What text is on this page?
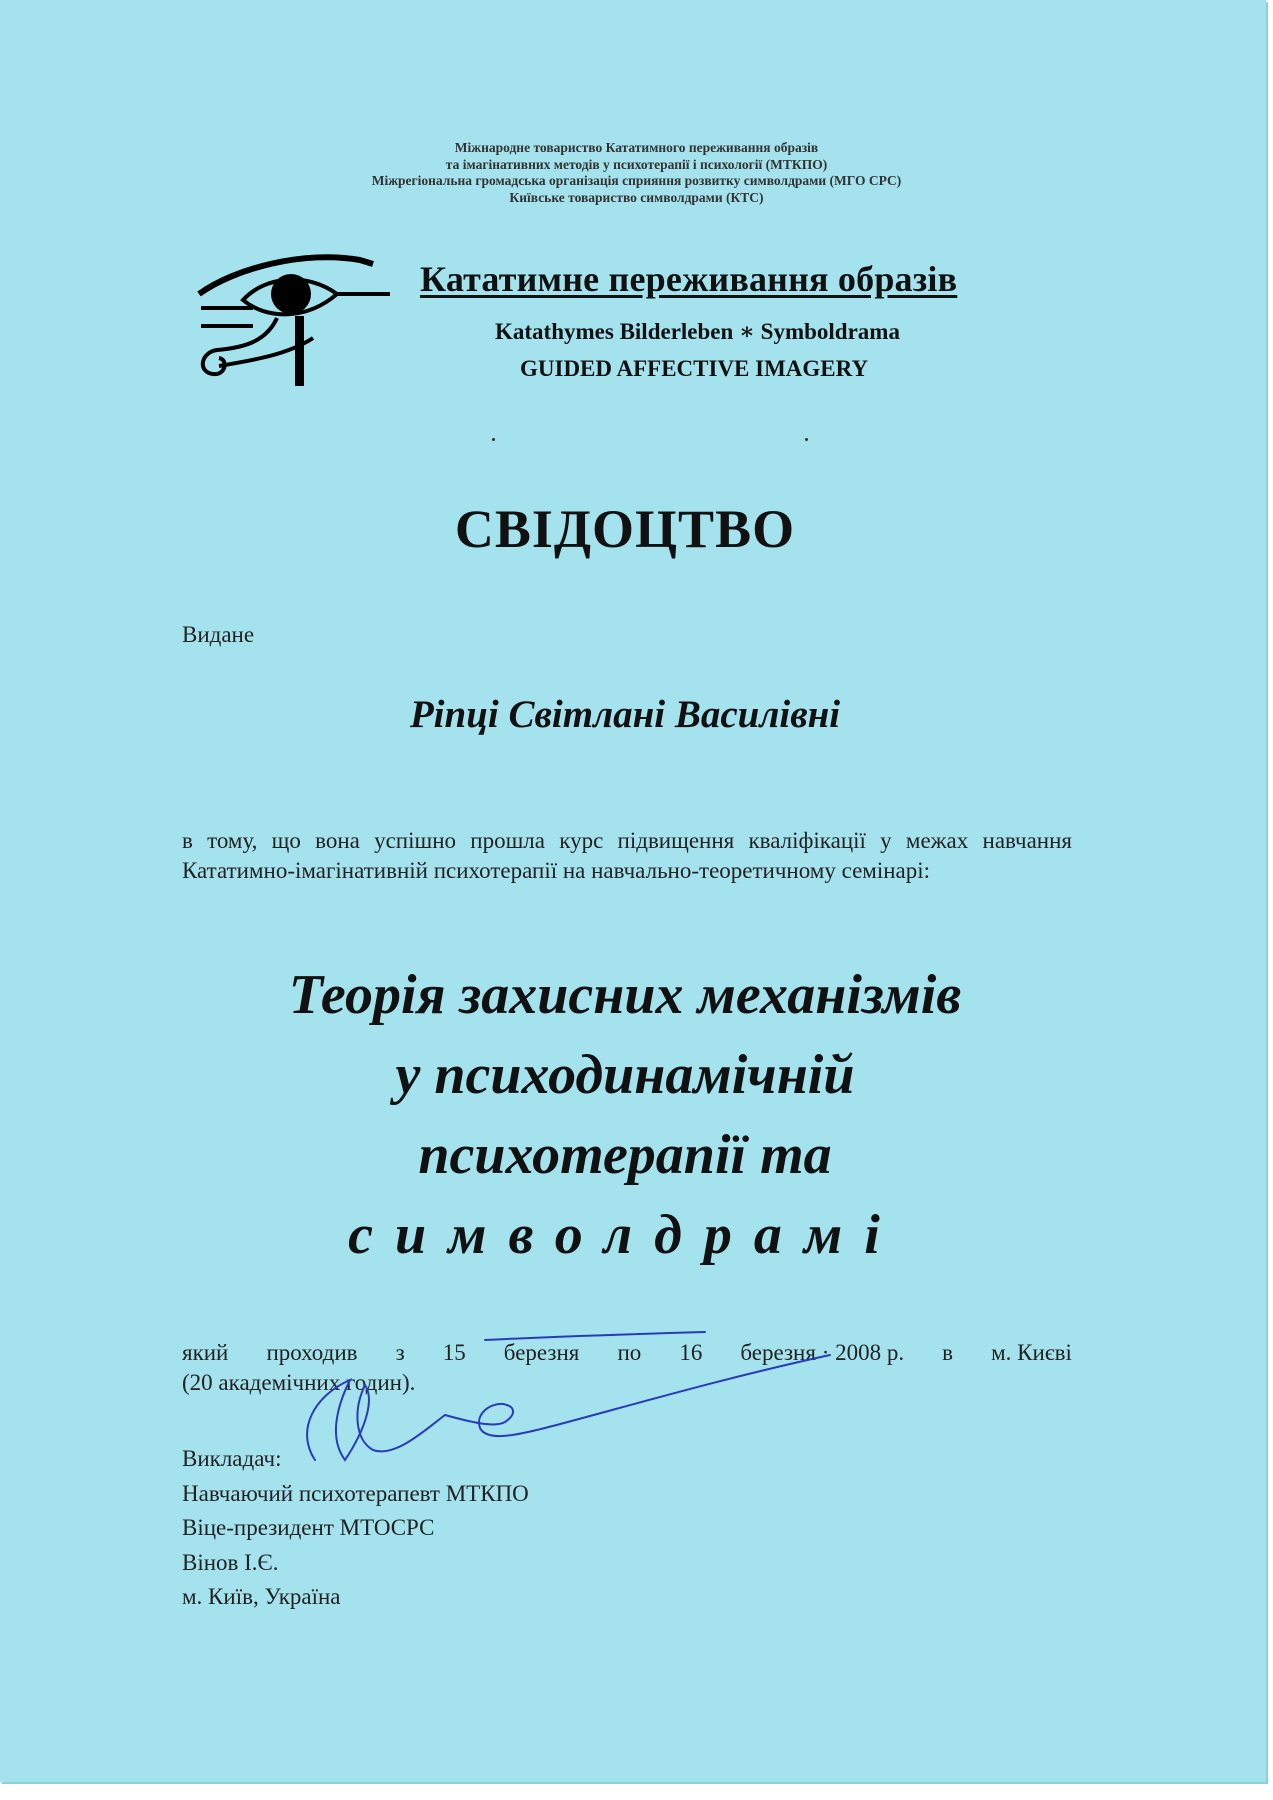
Міжнародне товариство Кататимного переживання образів
та імагінативних методів у психотерапії і психології (МТКПО)
Міжрегіональна громадська організація сприяння розвитку символдрами (МГО СРС)
Київське товариство символдрами (КТС)
Кататимне переживання образів
Katathymes Bilderleben ∗ Symboldrama
GUIDED AFFECTIVE IMAGERY
СВІДОЦТВО
Видане
Ріпці Світлані Василівні
в тому, що вона успішно прошла курс підвищення кваліфікації у межах навчання Кататимно-імагінативній психотерапії на навчально-теоретичному семінарі:
Теорія захисних механізмів
у психодинамічній
психотерапії та
символдрамі
який проходив з 15 березня по 16 березня · 2008 р. в м. Києві
(20 академічних годин).
Викладач:
Навчаючий психотерапевт МТКПО
Віце-президент МТОСРС
Вінов І.Є.
м. Київ, Україна
